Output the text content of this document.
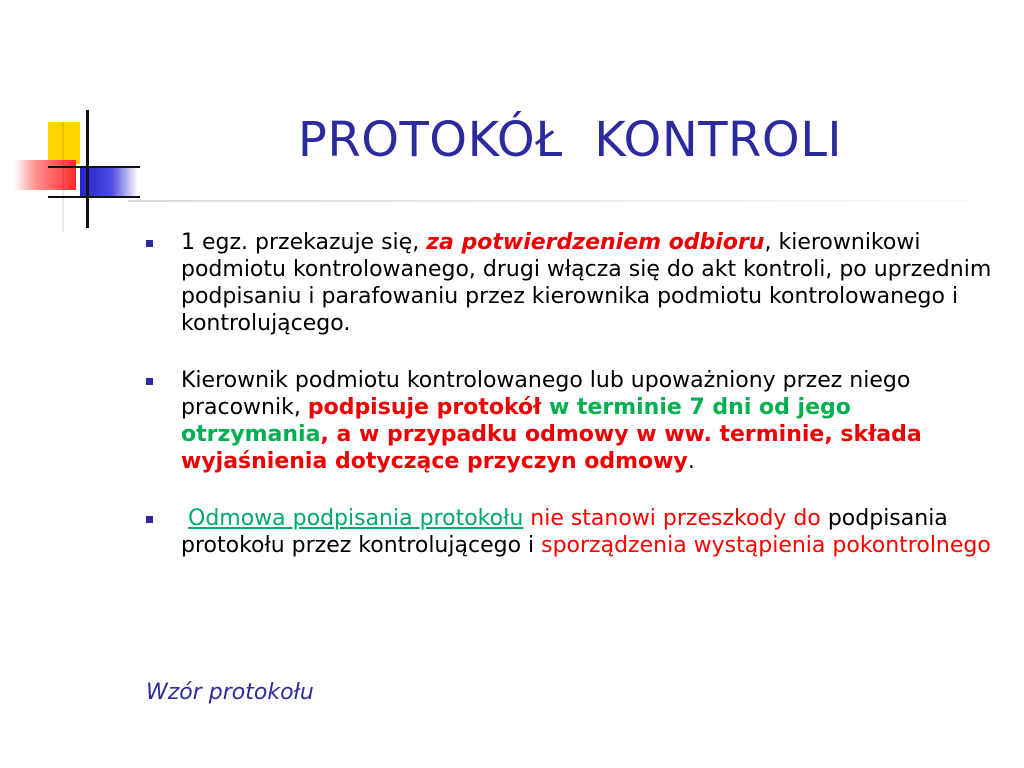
PROTOKÓŁ  KONTROLI

1 egz. przekazuje się, za potwierdzeniem odbioru, kierownikowi podmiotu kontrolowanego, drugi włącza się do akt kontroli, po uprzednim podpisaniu i parafowaniu przez kierownika podmiotu kontrolowanego i kontrolującego.

Kierownik podmiotu kontrolowanego lub upoważniony przez niego pracownik, podpisuje protokół w terminie 7 dni od jego otrzymania, a w przypadku odmowy w ww. terminie, składa wyjaśnienia dotyczące przyczyn odmowy.

Odmowa podpisania protokołu nie stanowi przeszkody do podpisania protokołu przez kontrolującego i sporządzenia wystąpienia pokontrolnego

Wzór protokołu
